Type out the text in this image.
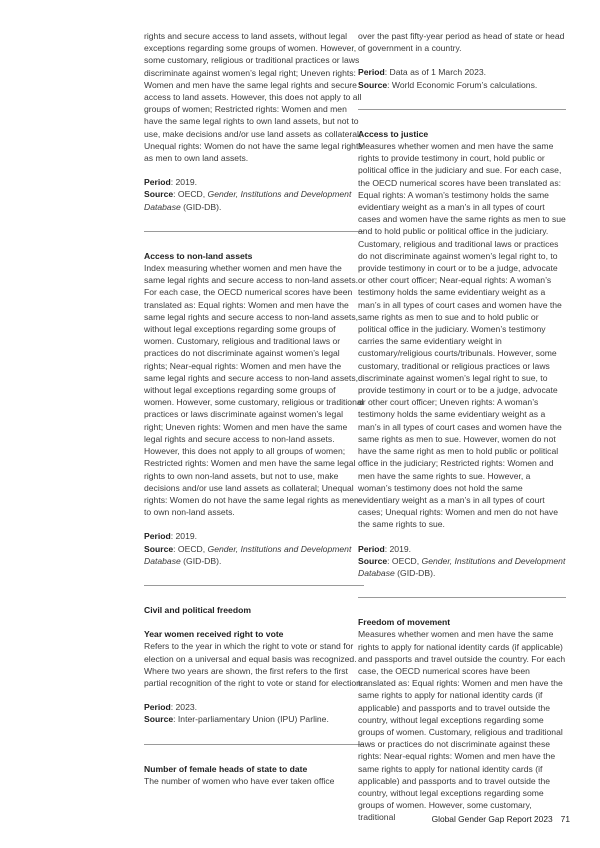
rights and secure access to land assets, without legal exceptions regarding some groups of women. However, some customary, religious or traditional practices or laws discriminate against women’s legal right; Uneven rights: Women and men have the same legal rights and secure access to land assets. However, this does not apply to all groups of women; Restricted rights: Women and men have the same legal rights to own land assets, but not to use, make decisions and/or use land assets as collateral; Unequal rights: Women do not have the same legal rights as men to own land assets.

Period: 2019.

Source: OECD, Gender, Institutions and Development Database (GID-DB).

Access to non-land assets

Index measuring whether women and men have the same legal rights and secure access to non-land assets. For each case, the OECD numerical scores have been translated as: Equal rights: Women and men have the same legal rights and secure access to non-land assets, without legal exceptions regarding some groups of women. Customary, religious and traditional laws or practices do not discriminate against women’s legal rights; Near-equal rights: Women and men have the same legal rights and secure access to non-land assets, without legal exceptions regarding some groups of women. However, some customary, religious or traditional practices or laws discriminate against women’s legal right; Uneven rights: Women and men have the same legal rights and secure access to non-land assets. However, this does not apply to all groups of women; Restricted rights: Women and men have the same legal rights to own non-land assets, but not to use, make decisions and/or use land assets as collateral; Unequal rights: Women do not have the same legal rights as men to own non-land assets.

Period: 2019.

Source: OECD, Gender, Institutions and Development Database (GID-DB).

Civil and political freedom

Year women received right to vote

Refers to the year in which the right to vote or stand for election on a universal and equal basis was recognized. Where two years are shown, the first refers to the first partial recognition of the right to vote or stand for election.

Period: 2023.

Source: Inter-parliamentary Union (IPU) Parline.

Number of female heads of state to date

The number of women who have ever taken office

over the past fifty-year period as head of state or head of government in a country.

Period: Data as of 1 March 2023.

Source: World Economic Forum’s calculations.

Access to justice

Measures whether women and men have the same rights to provide testimony in court, hold public or political office in the judiciary and sue. For each case, the OECD numerical scores have been translated as: Equal rights: A woman’s testimony holds the same evidentiary weight as a man’s in all types of court cases and women have the same rights as men to sue and to hold public or political office in the judiciary. Customary, religious and traditional laws or practices do not discriminate against women’s legal right to, to provide testimony in court or to be a judge, advocate or other court officer; Near-equal rights: A woman’s testimony holds the same evidentiary weight as a man’s in all types of court cases and women have the same rights as men to sue and to hold public or political office in the judiciary. Women’s testimony carries the same evidentiary weight in customary/religious courts/tribunals. However, some customary, traditional or religious practices or laws discriminate against women’s legal right to sue, to provide testimony in court or to be a judge, advocate or other court officer; Uneven rights: A woman’s testimony holds the same evidentiary weight as a man’s in all types of court cases and women have the same rights as men to sue. However, women do not have the same right as men to hold public or political office in the judiciary; Restricted rights: Women and men have the same rights to sue. However, a woman’s testimony does not hold the same evidentiary weight as a man’s in all types of court cases; Unequal rights: Women and men do not have the same rights to sue.

Period: 2019.

Source: OECD, Gender, Institutions and Development Database (GID-DB).

Freedom of movement

Measures whether women and men have the same rights to apply for national identity cards (if applicable) and passports and travel outside the country. For each case, the OECD numerical scores have been translated as: Equal rights: Women and men have the same rights to apply for national identity cards (if applicable) and passports and to travel outside the country, without legal exceptions regarding some groups of women. Customary, religious and traditional laws or practices do not discriminate against these rights: Near-equal rights: Women and men have the same rights to apply for national identity cards (if applicable) and passports and to travel outside the country, without legal exceptions regarding some groups of women. However, some customary, traditional	Global Gender Gap Report 2023 71
